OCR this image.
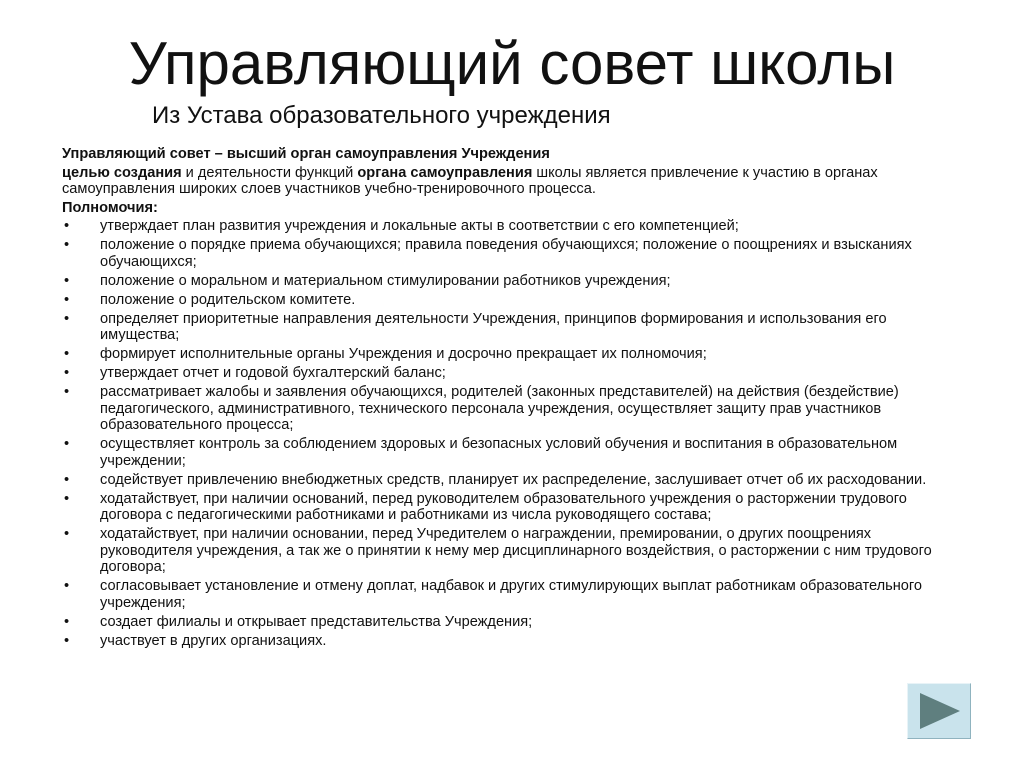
Управляющий совет школы
Из Устава образовательного учреждения

Управляющий совет – высший орган самоуправления Учреждения

целью создания и деятельности функций органа самоуправления школы является привлечение к участию в органах самоуправления широких слоев участников учебно-тренировочного процесса.

Полномочия:

• утверждает план развития учреждения и локальные акты в соответствии с его компетенцией;
• положение о порядке приема обучающихся; правила поведения обучающихся; положение о поощрениях и взысканиях обучающихся;
• положение о моральном и материальном стимулировании работников учреждения;
• положение о родительском комитете.
• определяет приоритетные направления деятельности Учреждения, принципов формирования и использования его имущества;
• формирует исполнительные органы Учреждения и досрочно прекращает их полномочия;
• утверждает отчет и годовой бухгалтерский баланс;
• рассматривает жалобы и заявления обучающихся, родителей (законных представителей) на действия (бездействие) педагогического, административного, технического персонала учреждения, осуществляет защиту прав участников образовательного процесса;
• осуществляет контроль за соблюдением здоровых и безопасных условий обучения и воспитания в образовательном учреждении;
• содействует привлечению внебюджетных средств, планирует их распределение, заслушивает отчет об их расходовании.
• ходатайствует, при наличии оснований, перед руководителем образовательного учреждения о расторжении трудового договора с педагогическими работниками и работниками из числа руководящего состава;
• ходатайствует, при наличии основании, перед Учредителем о награждении, премировании, о других поощрениях руководителя учреждения, а так же о принятии к нему мер дисциплинарного воздействия, о расторжении с ним трудового договора;
• согласовывает установление и отмену доплат, надбавок и других стимулирующих выплат работникам образовательного учреждения;
• создает филиалы и открывает представительства Учреждения;
• участвует в других организациях.
